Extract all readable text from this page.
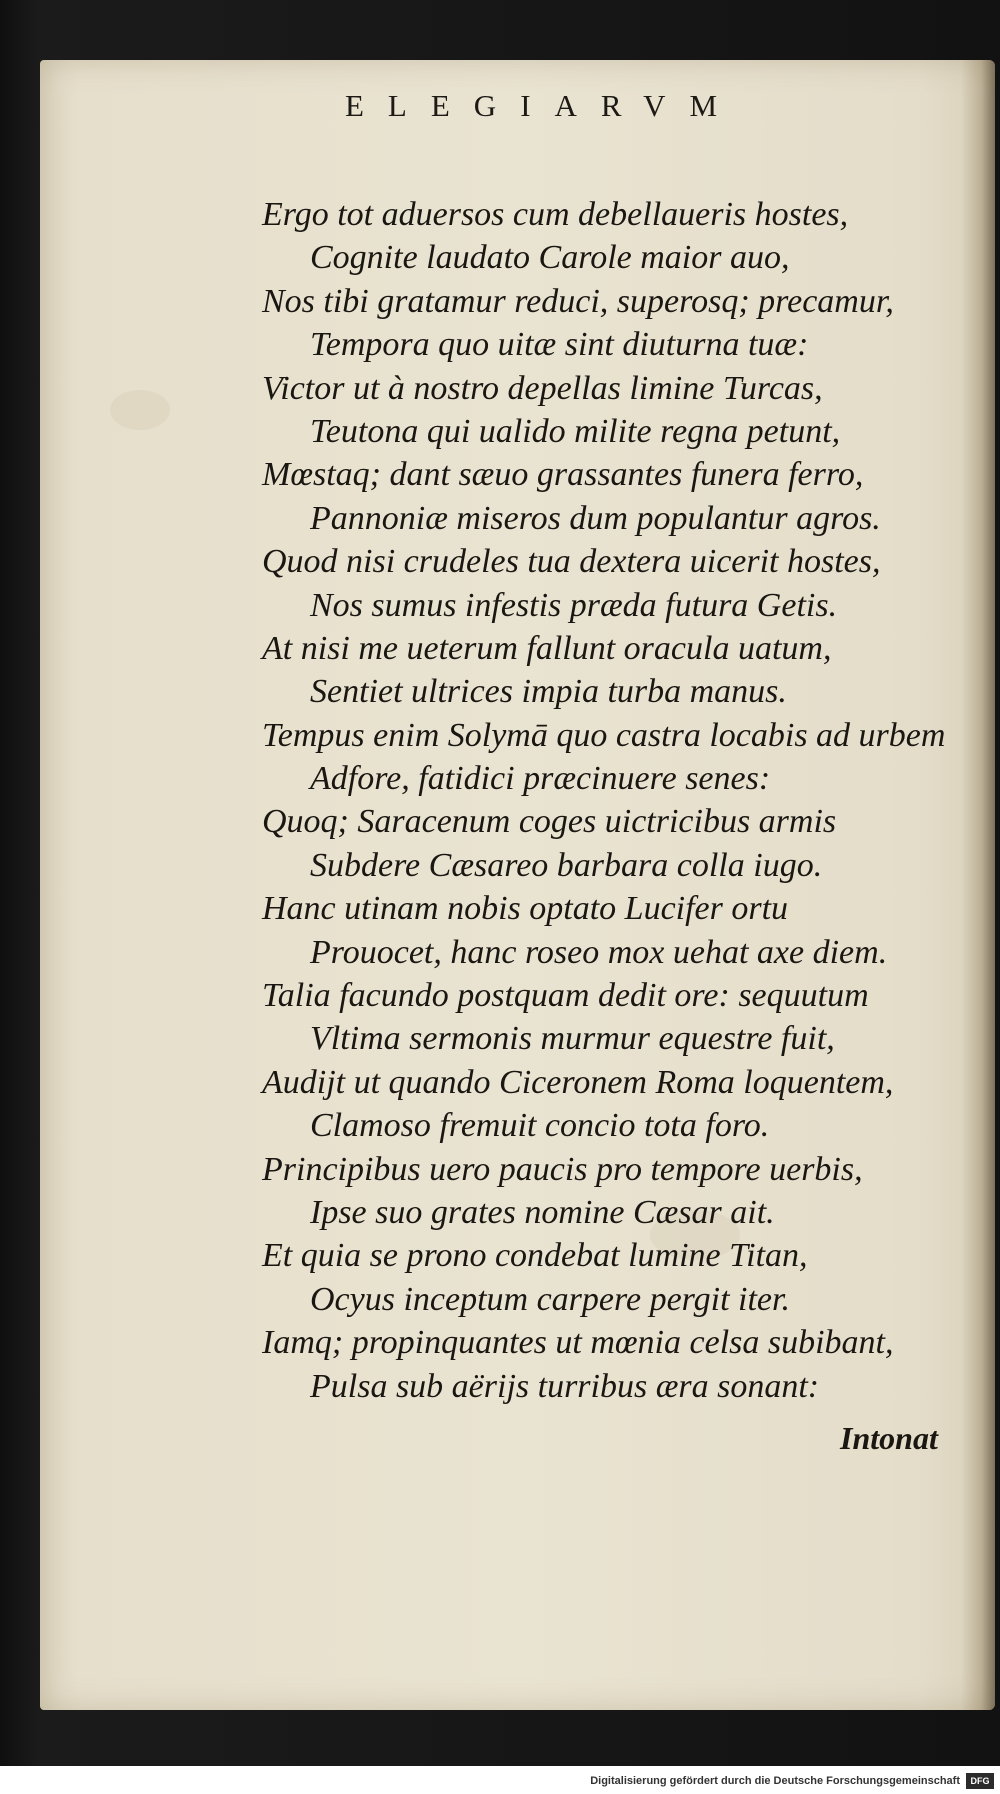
ELEGIARVM
Ergo tot aduersos cum debellaueris hostes,
Cognite laudato Carole maior auo,
Nos tibi gratamur reduci, superosq; precamur,
Tempora quo uitæ sint diuturna tuæ:
Victor ut à nostro depellas limine Turcas,
Teutona qui ualido milite regna petunt,
Mœstaq; dant sæuo grassantes funera ferro,
Pannoniæ miseros dum populantur agros.
Quod nisi crudeles tua dextera uicerit hostes,
Nos sumus infestis præda futura Getis.
At nisi me ueterum fallunt oracula uatum,
Sentiet ultrices impia turba manus.
Tempus enim Solymā quo castra locabis ad urbem
Adfore, fatidici præcinuere senes:
Quoq; Saracenum coges uictricibus armis
Subdere Cæsareo barbara colla iugo.
Hanc utinam nobis optato Lucifer ortu
Prouocet, hanc roseo mox uehat axe diem.
Talia facundo postquam dedit ore: sequutum
Vltima sermonis murmur equestre fuit,
Audijt ut quando Ciceronem Roma loquentem,
Clamoso fremuit concio tota foro.
Principibus uero paucis pro tempore uerbis,
Ipse suo grates nomine Cæsar ait.
Et quia se prono condebat lumine Titan,
Ocyus inceptum carpere pergit iter.
Iamq; propinquantes ut mœnia celsa subibant,
Pulsa sub aërijs turribus æra sonant:
Intonat
Digitalisierung gefördert durch die Deutsche Forschungsgemeinschaft	DFG
